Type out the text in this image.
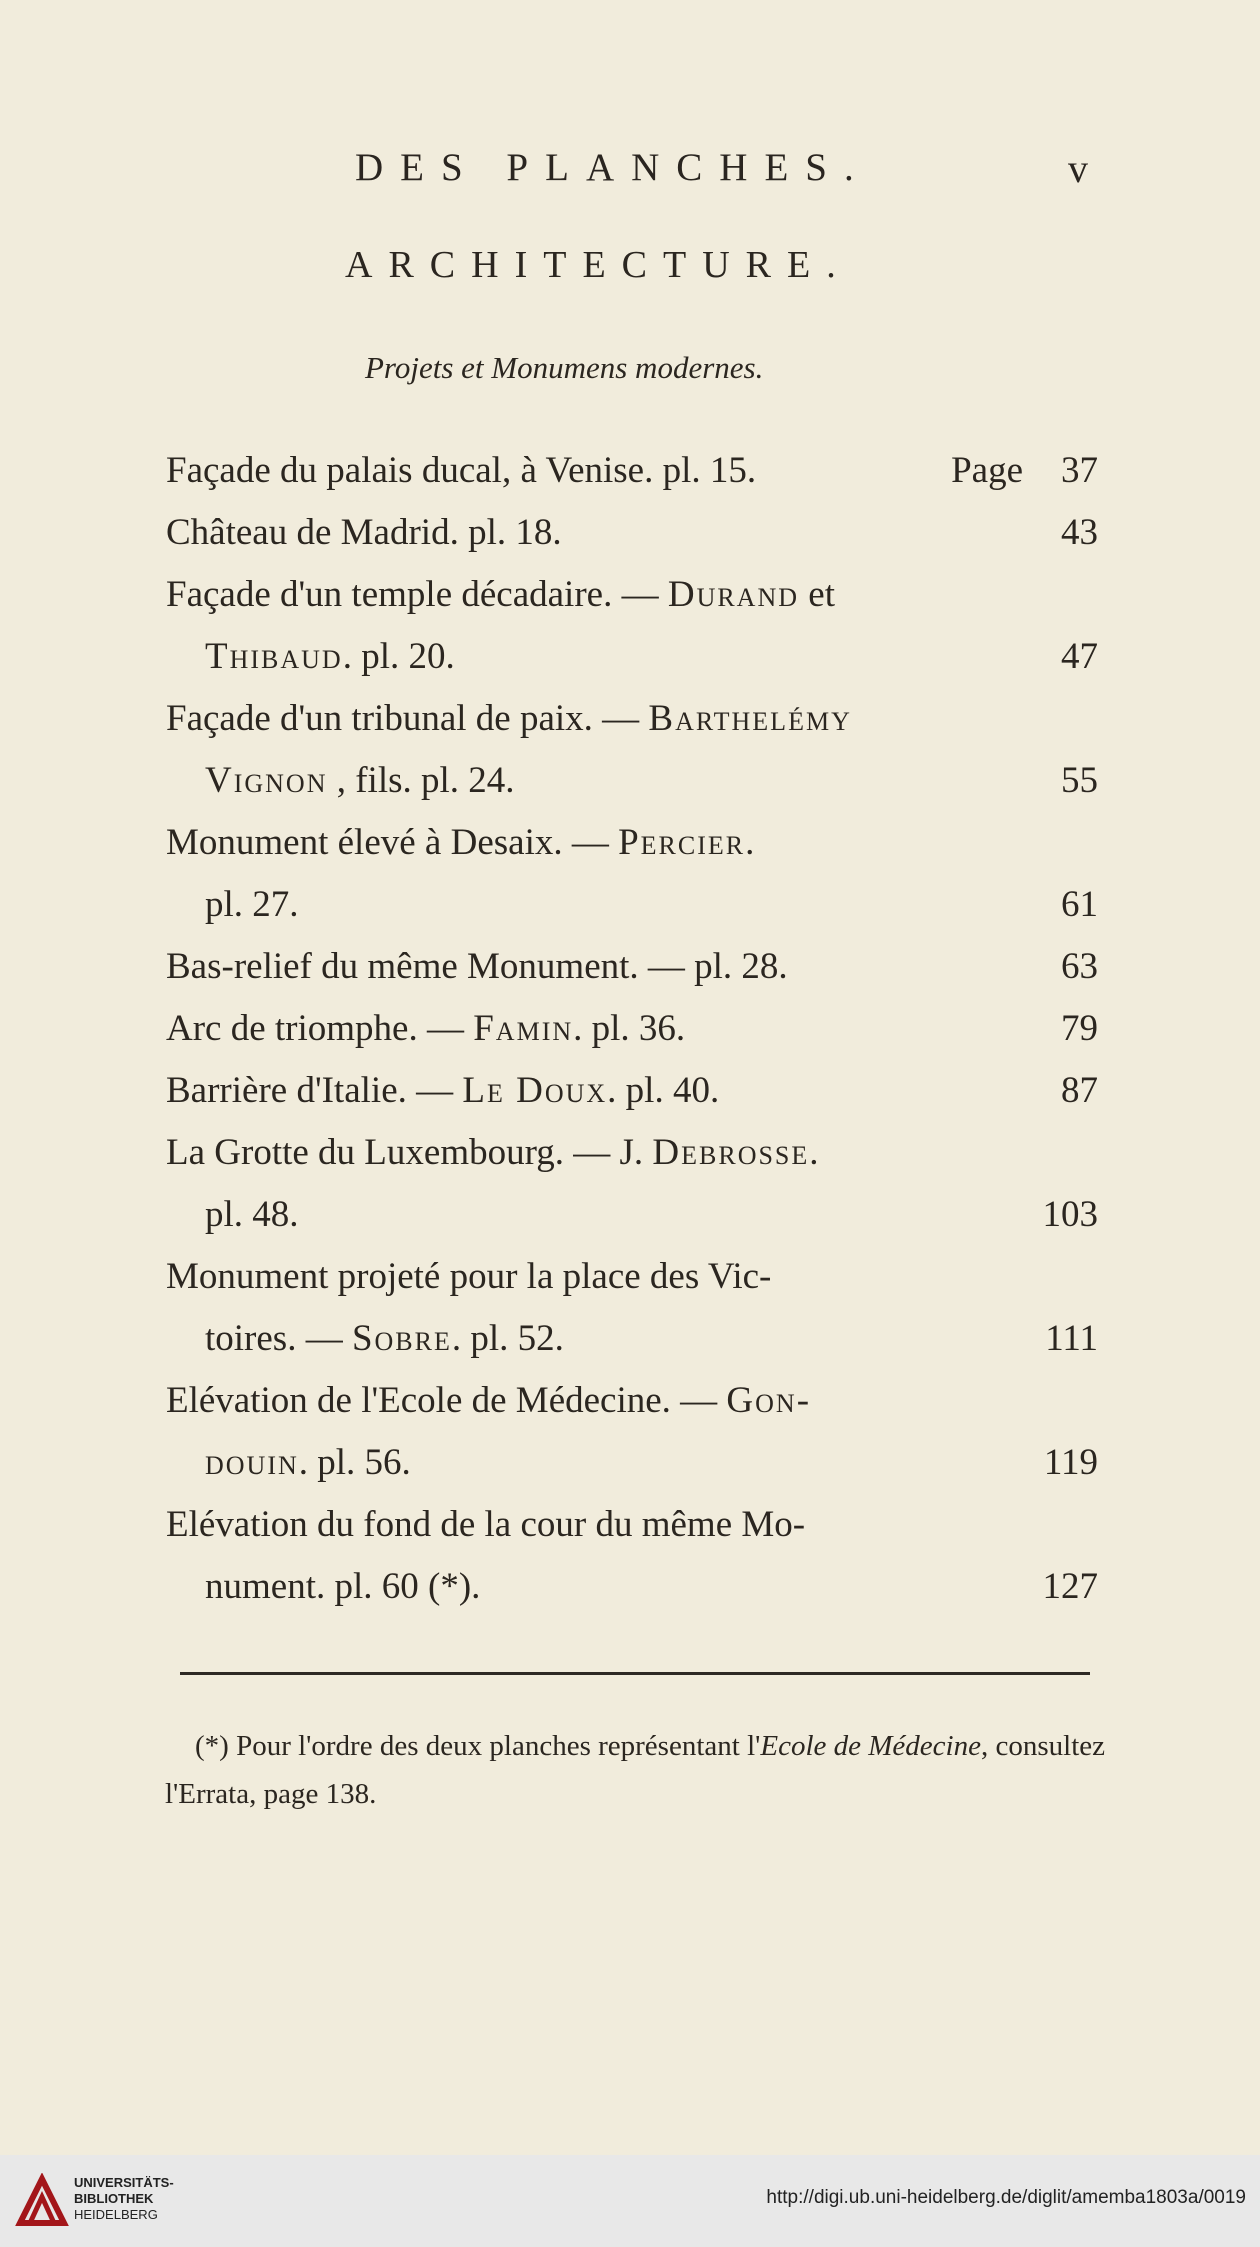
DES PLANCHES.	v
ARCHITECTURE.
Projets et Monumens modernes.
Façade du palais ducal, à Venise. pl. 15.	Page 37
Château de Madrid. pl. 18.	43
Façade d'un temple décadaire. — Durand et
Thibaud. pl. 20.	47
Façade d'un tribunal de paix. — Barthelémy
Vignon , fils. pl. 24.	55
Monument élevé à Desaix. — Percier.
pl. 27.	61
Bas-relief du même Monument. — pl. 28.	63
Arc de triomphe. — Famin. pl. 36.	79
Barrière d'Italie. — Le Doux. pl. 40.	87
La Grotte du Luxembourg. — J. Debrosse.
pl. 48.	103
Monument projeté pour la place des Vic-
toires. — Sobre. pl. 52.	111
Elévation de l'Ecole de Médecine. — Gon-
douin. pl. 56.	119
Elévation du fond de la cour du même Mo-
nument. pl. 60 (*).	127
(*) Pour l'ordre des deux planches représentant l'Ecole de Médecine, consultez l'Errata, page 138.
UNIVERSITÄTS-
BIBLIOTHEK
HEIDELBERG
http://digi.ub.uni-heidelberg.de/diglit/amemba1803a/0019
